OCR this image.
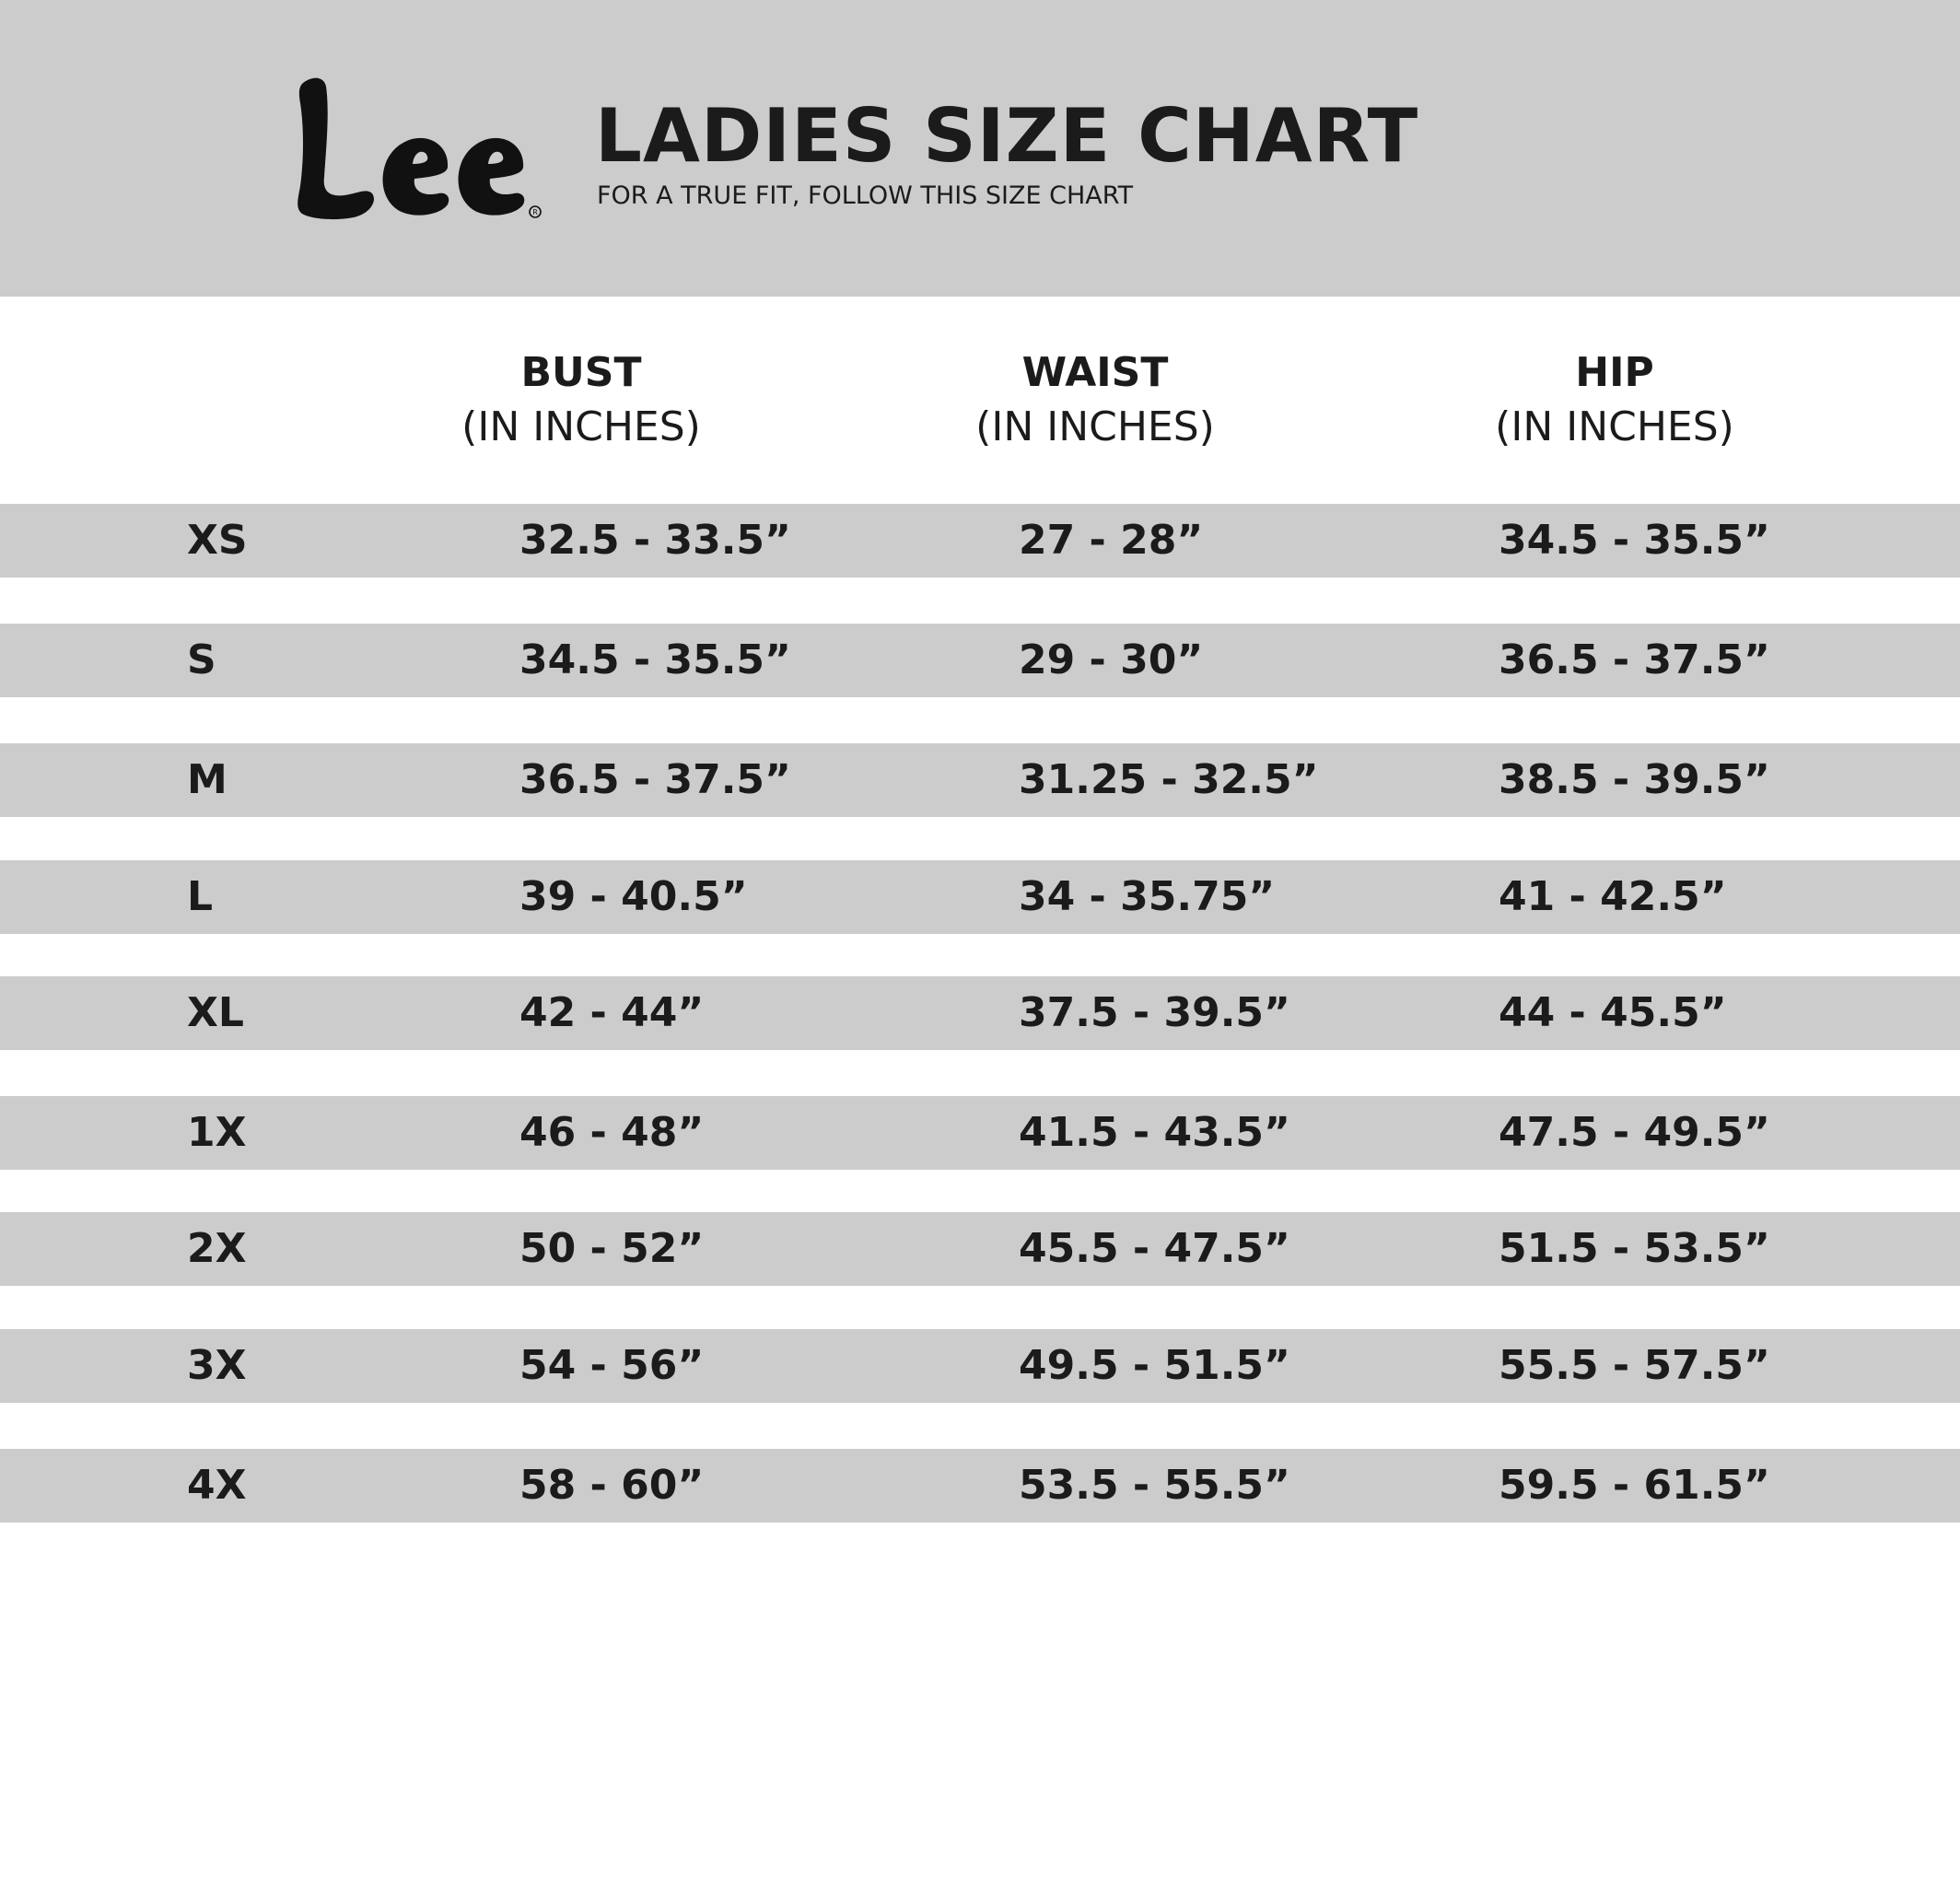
R
LADIES SIZE CHART
FOR A TRUE FIT, FOLLOW THIS SIZE CHART
BUST
(IN INCHES)
WAIST
(IN INCHES)
HIP
(IN INCHES)
XS	32.5 - 33.5”	27 - 28”	34.5 - 35.5”
S	34.5 - 35.5”	29 - 30”	36.5 - 37.5”
M	36.5 - 37.5”	31.25 - 32.5”	38.5 - 39.5”
L	39 - 40.5”	34 - 35.75”	41 - 42.5”
XL	42 - 44”	37.5 - 39.5”	44 - 45.5”
1X	46 - 48”	41.5 - 43.5”	47.5 - 49.5”
2X	50 - 52”	45.5 - 47.5”	51.5 - 53.5”
3X	54 - 56”	49.5 - 51.5”	55.5 - 57.5”
4X	58 - 60”	53.5 - 55.5”	59.5 - 61.5”
